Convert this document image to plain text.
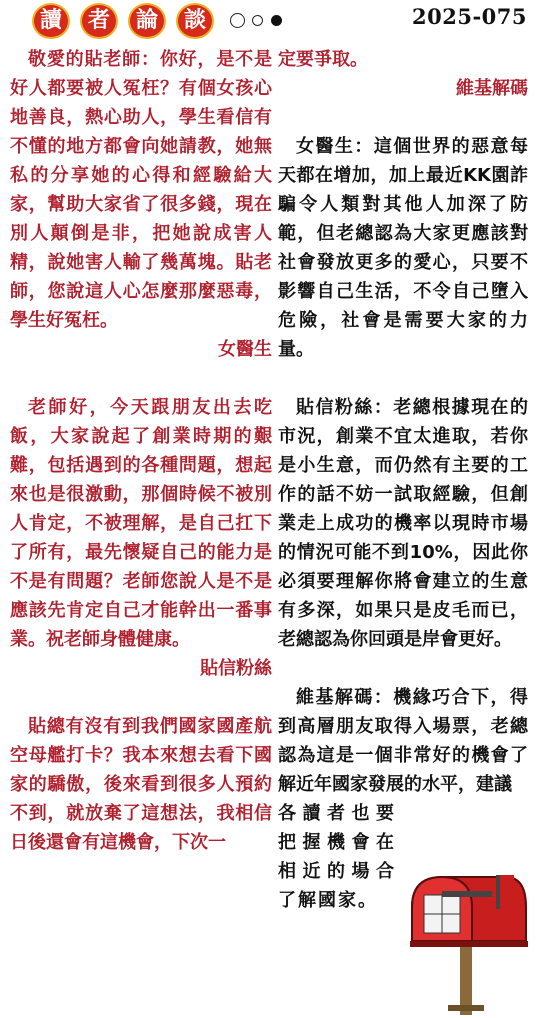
讀	者	論	談	2025-075

敬愛的貼老師：你好，是不是好人都要被人冤枉？有個女孩心地善良，熱心助人，學生看信有不懂的地方都會向她請教，她無私的分享她的心得和經驗給大家，幫助大家省了很多錢，現在別人顛倒是非，把她說成害人精，說她害人輸了幾萬塊。貼老師，您說這人心怎麼那麼惡毒，學生好冤枉。

女醫生

老師好，今天跟朋友出去吃飯，大家說起了創業時期的艱難，包括遇到的各種問題，想起來也是很激動，那個時候不被別人肯定，不被理解，是自己扛下了所有，最先懷疑自己的能力是不是有問題？老師您說人是不是應該先肯定自己才能幹出一番事業。祝老師身體健康。

貼信粉絲

貼總有沒有到我們國家國產航空母艦打卡？我本來想去看下國家的驕傲，後來看到很多人預約不到，就放棄了這想法，我相信日後還會有這機會，下次一

定要爭取。

維基解碼

女醫生：這個世界的惡意每天都在增加，加上最近KK園詐騙令人類對其他人加深了防範，但老總認為大家更應該對社會發放更多的愛心，只要不影響自己生活，不令自己墮入危險，社會是需要大家的力量。

貼信粉絲：老總根據現在的市況，創業不宜太進取，若你是小生意，而仍然有主要的工作的話不妨一試取經驗，但創業走上成功的機率以現時市場的情況可能不到10%，因此你必須要理解你將會建立的生意有多深，如果只是皮毛而已，老總認為你回頭是岸會更好。

維基解碼：機緣巧合下，得到高層朋友取得入場票，老總認為這是一個非常好的機會了解近年國家發展的水平，建議

各讀者也要把握機會在相近的場合了解國家。
